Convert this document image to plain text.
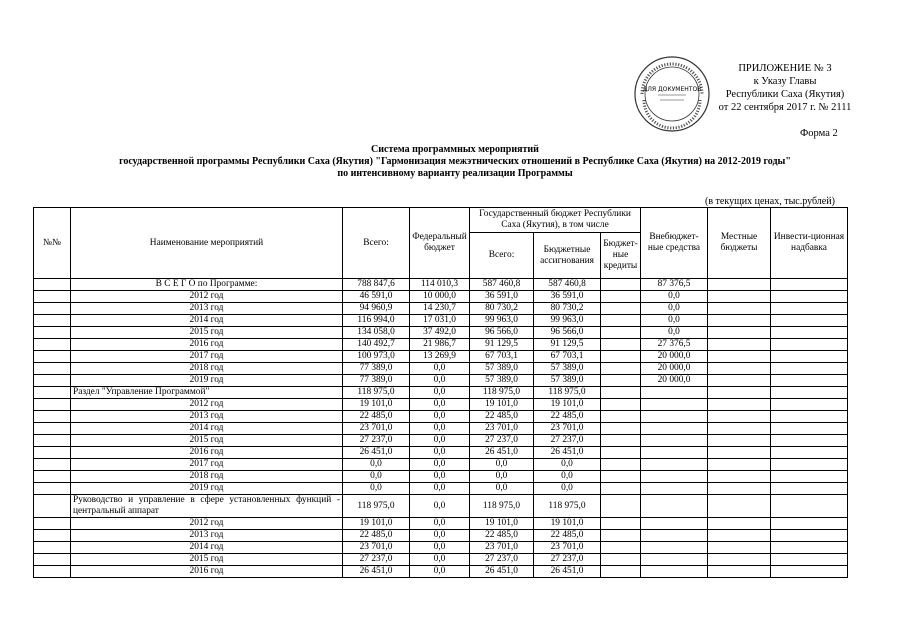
ДЛЯ ДОКУМЕНТОВ
ПРИЛОЖЕНИЕ № 3
к Указу Главы
Республики Саха (Якутия)
от 22 сентября 2017 г. № 2111
Форма 2
Система программных мероприятий
государственной программы Республики Саха (Якутия) "Гармонизация межэтнических отношений в Республике Саха (Якутия) на 2012-2019 годы"
по интенсивному варианту реализации Программы
(в текущих ценах, тыс.рублей)
№№	Наименование мероприятий	Всего:	Федеральный бюджет	Государственный бюджет Республики Саха (Якутия), в том числе			Внебюджет-ные средства	Местные бюджеты	Инвести-ционная надбавка
				Всего:	Бюджетные ассигнования	Бюджет-ные кредиты			
	В С Е Г О по Программе:	788 847,6	114 010,3	587 460,8	587 460,8		87 376,5		
	2012 год	46 591,0	10 000,0	36 591,0	36 591,0		0,0		
	2013 год	94 960,9	14 230,7	80 730,2	80 730,2		0,0		
	2014 год	116 994,0	17 031,0	99 963,0	99 963,0		0,0		
	2015 год	134 058,0	37 492,0	96 566,0	96 566,0		0,0		
	2016 год	140 492,7	21 986,7	91 129,5	91 129,5		27 376,5		
	2017 год	100 973,0	13 269,9	67 703,1	67 703,1		20 000,0		
	2018 год	77 389,0	0,0	57 389,0	57 389,0		20 000,0		
	2019 год	77 389,0	0,0	57 389,0	57 389,0		20 000,0		
	Раздел "Управление Программой"	118 975,0	0,0	118 975,0	118 975,0				
	2012 год	19 101,0	0,0	19 101,0	19 101,0				
	2013 год	22 485,0	0,0	22 485,0	22 485,0				
	2014 год	23 701,0	0,0	23 701,0	23 701,0				
	2015 год	27 237,0	0,0	27 237,0	27 237,0				
	2016 год	26 451,0	0,0	26 451,0	26 451,0				
	2017 год	0,0	0,0	0,0	0,0				
	2018 год	0,0	0,0	0,0	0,0				
	2019 год	0,0	0,0	0,0	0,0				
	Руководство и управление в сфере установленных функций - центральный аппарат	118 975,0	0,0	118 975,0	118 975,0				
	2012 год	19 101,0	0,0	19 101,0	19 101,0				
	2013 год	22 485,0	0,0	22 485,0	22 485,0				
	2014 год	23 701,0	0,0	23 701,0	23 701,0				
	2015 год	27 237,0	0,0	27 237,0	27 237,0				
	2016 год	26 451,0	0,0	26 451,0	26 451,0				
